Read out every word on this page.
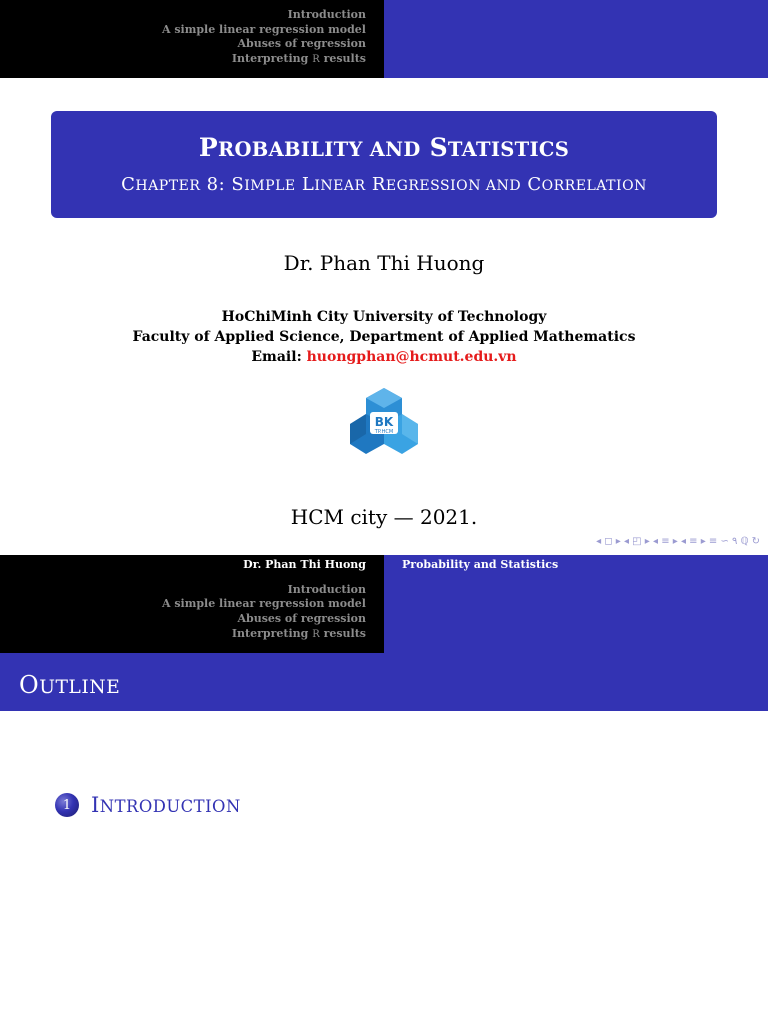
Introduction
A simple linear regression model
Abuses of regression
Interpreting R results
PROBABILITY AND STATISTICS
CHAPTER 8: SIMPLE LINEAR REGRESSION AND CORRELATION
Dr. Phan Thi Huong
HoChiMinh City University of Technology
Faculty of Applied Science, Department of Applied Mathematics
Email: huongphan@hcmut.edu.vn
BK
TP.HCM
HCM city — 2021.
◂ ◻ ▸ ◂ ◰ ▸ ◂ ≡ ▸ ◂ ≡ ▸ ≡ ∽ ۹ ℚ ↻
Dr. Phan Thi Huong
Introduction
A simple linear regression model
Abuses of regression
Interpreting R results
Probability and Statistics
OUTLINE
1 INTRODUCTION
